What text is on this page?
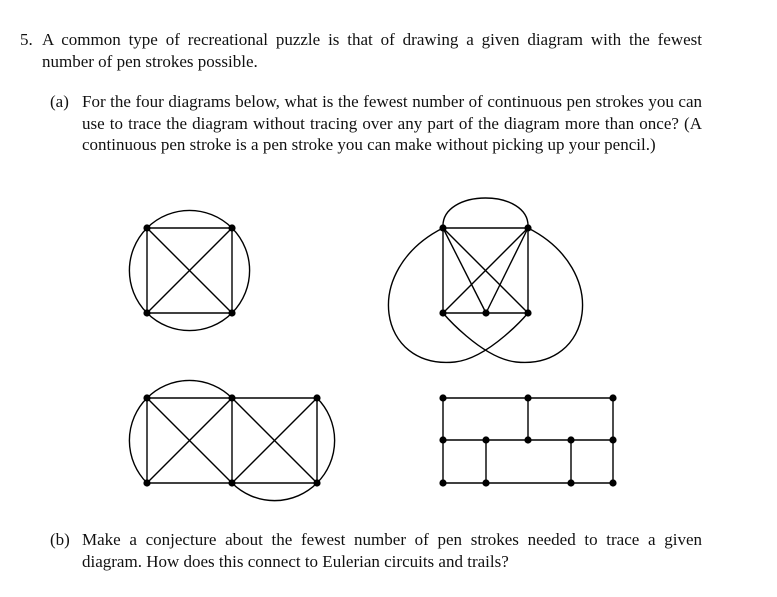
5. A common type of recreational puzzle is that of drawing a given diagram with the fewest number of pen strokes possible.

(a) For the four diagrams below, what is the fewest number of continuous pen strokes you can use to trace the diagram without tracing over any part of the diagram more than once? (A continuous pen stroke is a pen stroke you can make without picking up your pencil.)

(b) Make a conjecture about the fewest number of pen strokes needed to trace a given diagram. How does this connect to Eulerian circuits and trails?
